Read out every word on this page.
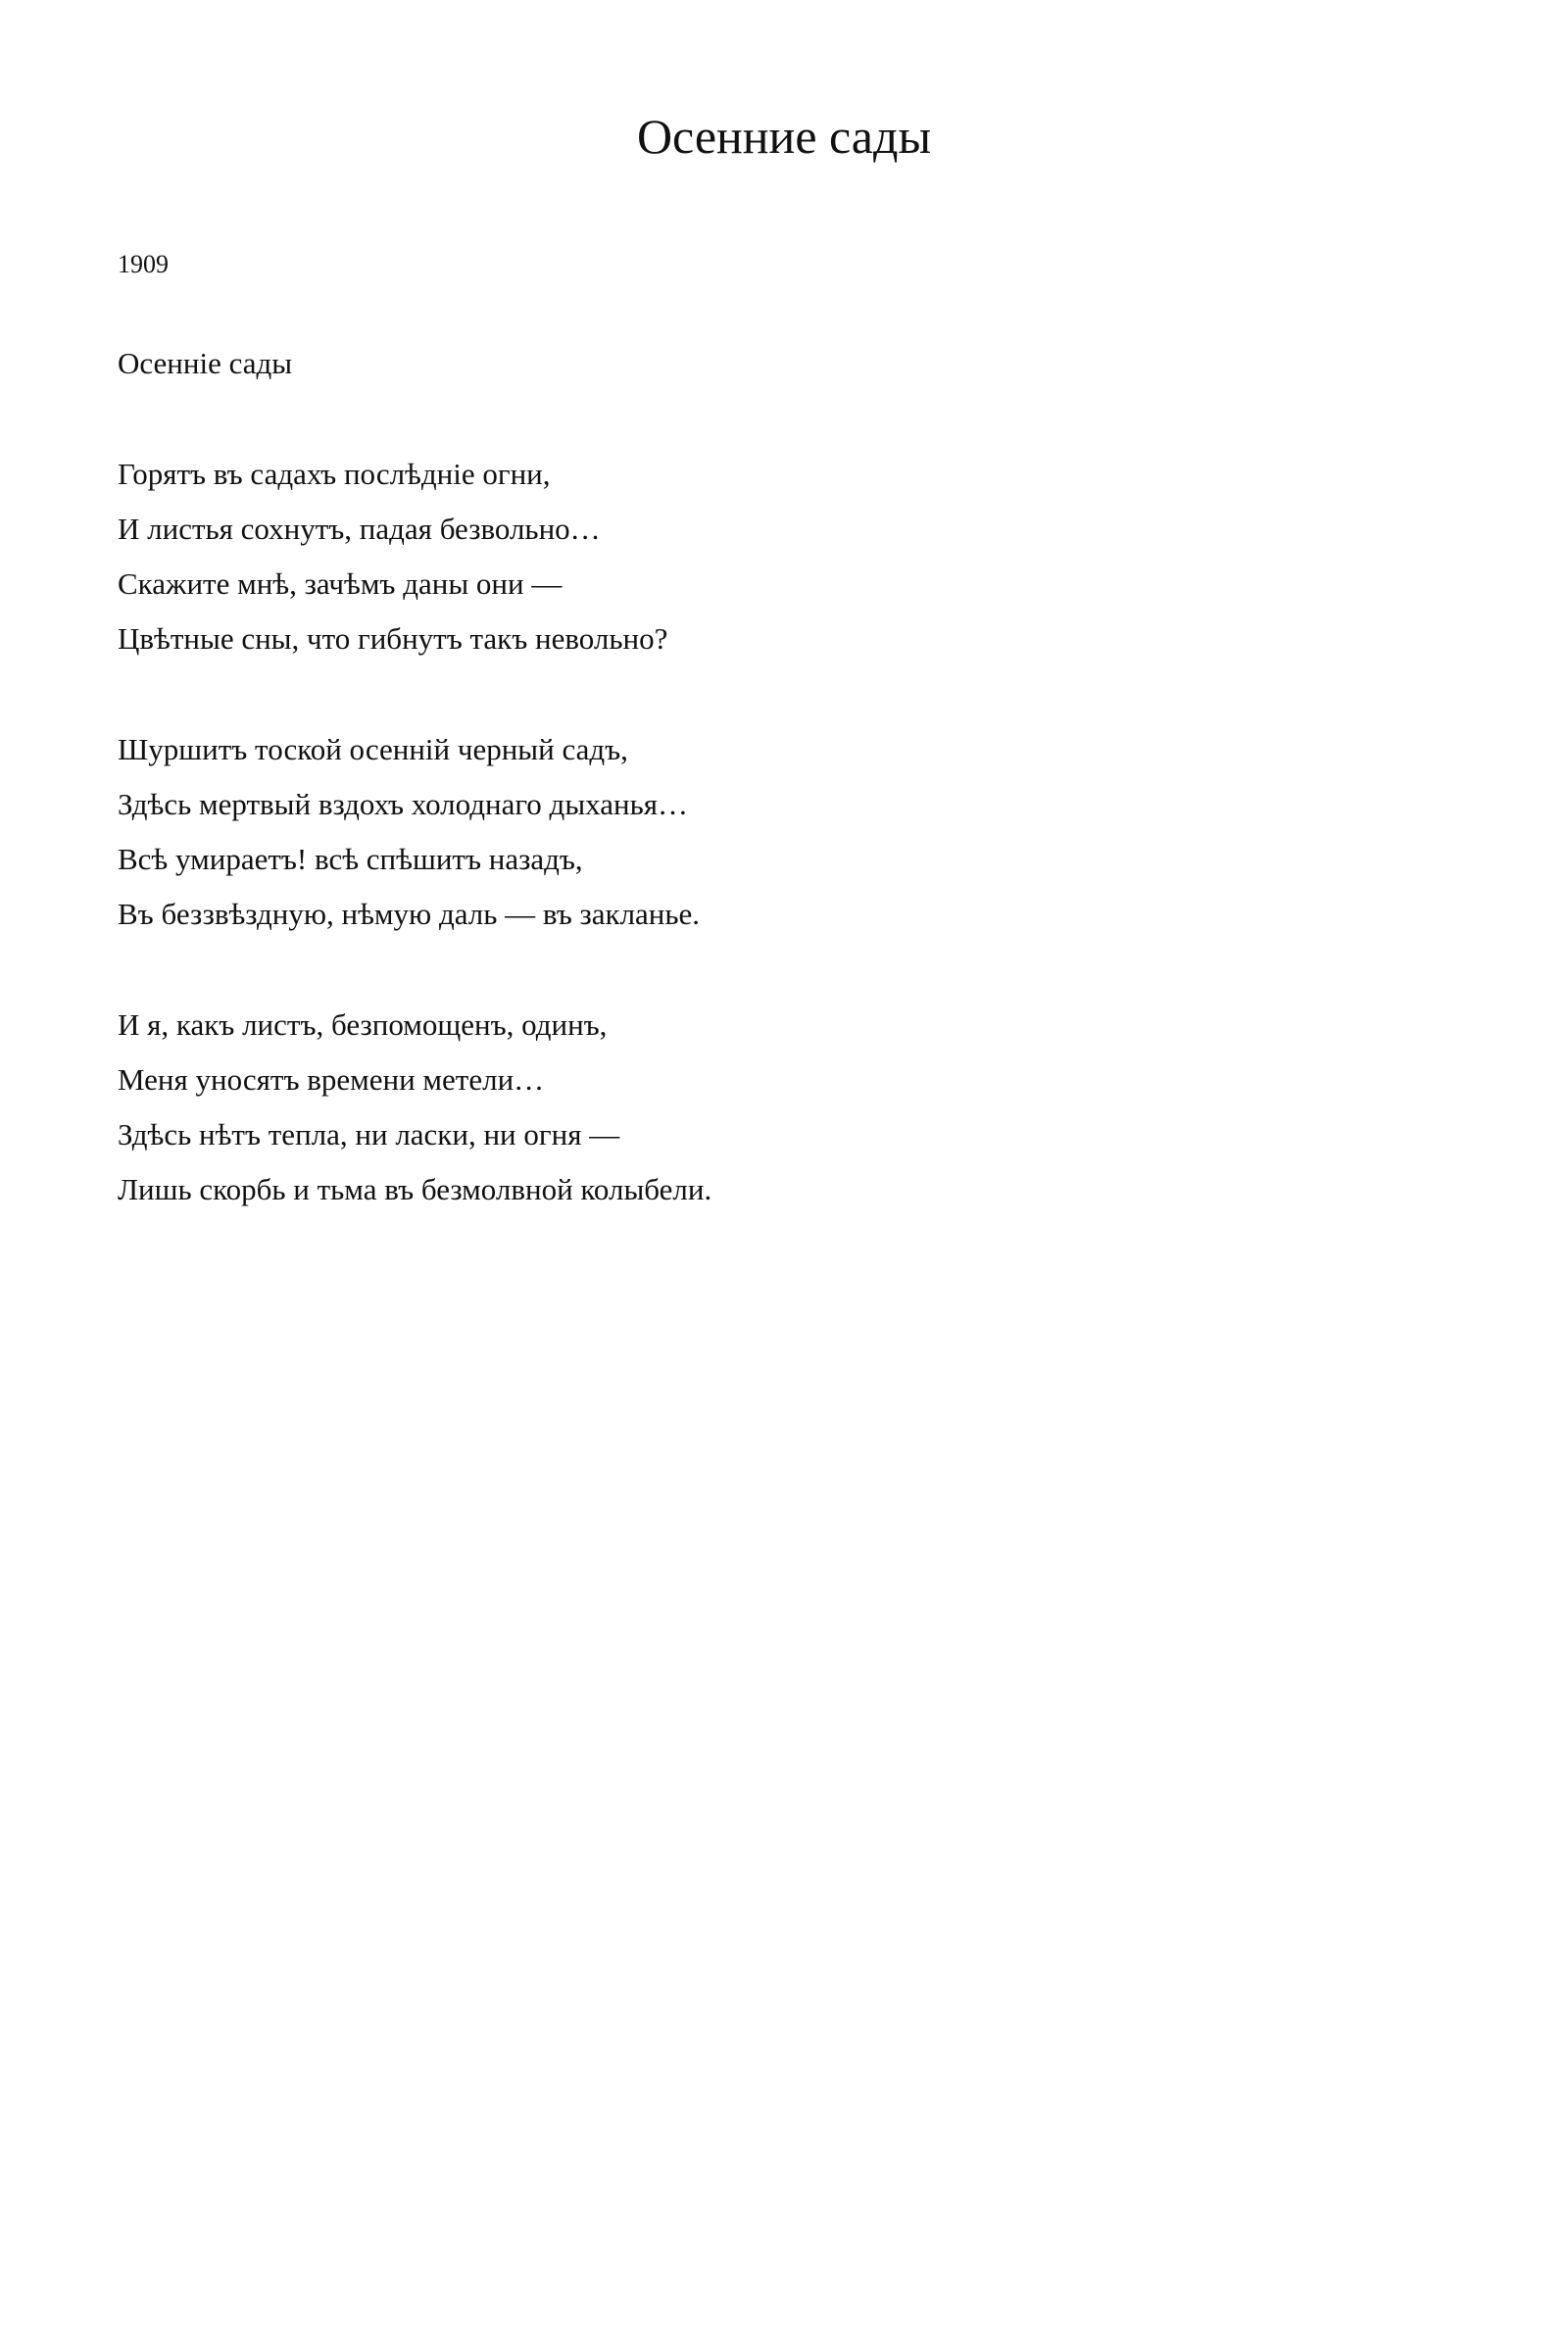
Осенние сады
1909
Осенніе сады
Горятъ въ садахъ послѣдніе огни,
И листья сохнутъ, падая безвольно…
Скажите мнѣ, зачѣмъ даны они —
Цвѣтные сны, что гибнутъ такъ невольно?
Шуршитъ тоской осенній черный садъ,
Здѣсь мертвый вздохъ холоднаго дыханья…
Всѣ умираетъ! всѣ спѣшитъ назадъ,
Въ беззвѣздную, нѣмую даль — въ закланье.
И я, какъ листъ, безпомощенъ, одинъ,
Меня уносятъ времени метели…
Здѣсь нѣтъ тепла, ни ласки, ни огня —
Лишь скорбь и тьма въ безмолвной колыбели.
